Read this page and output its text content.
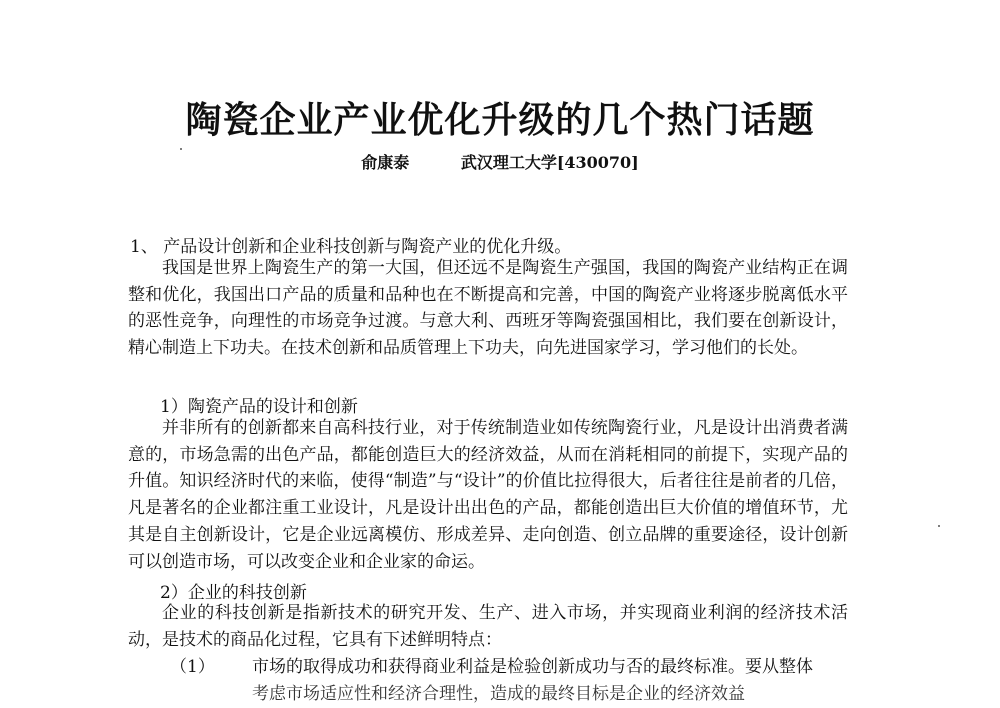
陶瓷企业产业优化升级的几个热门话题
俞康泰	武汉理工大学[430070]
1、 产品设计创新和企业科技创新与陶瓷产业的优化升级。
我国是世界上陶瓷生产的第一大国，但还远不是陶瓷生产强国，我国的陶瓷产业结构正在调整和优化，我国出口产品的质量和品种也在不断提高和完善，中国的陶瓷产业将逐步脱离低水平的恶性竞争，向理性的市场竞争过渡。与意大利、西班牙等陶瓷强国相比，我们要在创新设计，精心制造上下功夫。在技术创新和品质管理上下功夫，向先进国家学习，学习他们的长处。
1）陶瓷产品的设计和创新
并非所有的创新都来自高科技行业，对于传统制造业如传统陶瓷行业，凡是设计出消费者满意的，市场急需的出色产品，都能创造巨大的经济效益，从而在消耗相同的前提下，实现产品的升值。知识经济时代的来临，使得“制造”与“设计”的价值比拉得很大，后者往往是前者的几倍，凡是著名的企业都注重工业设计，凡是设计出出色的产品，都能创造出巨大价值的增值环节，尤其是自主创新设计，它是企业远离模仿、形成差异、走向创造、创立品牌的重要途径，设计创新可以创造市场，可以改变企业和企业家的命运。
2）企业的科技创新
企业的科技创新是指新技术的研究开发、生产、进入市场，并实现商业利润的经济技术活动，是技术的商品化过程，它具有下述鲜明特点：
（1） 市场的取得成功和获得商业利益是检验创新成功与否的最终标准。要从整体
考虑市场适应性和经济合理性，造成的最终目标是企业的经济效益
